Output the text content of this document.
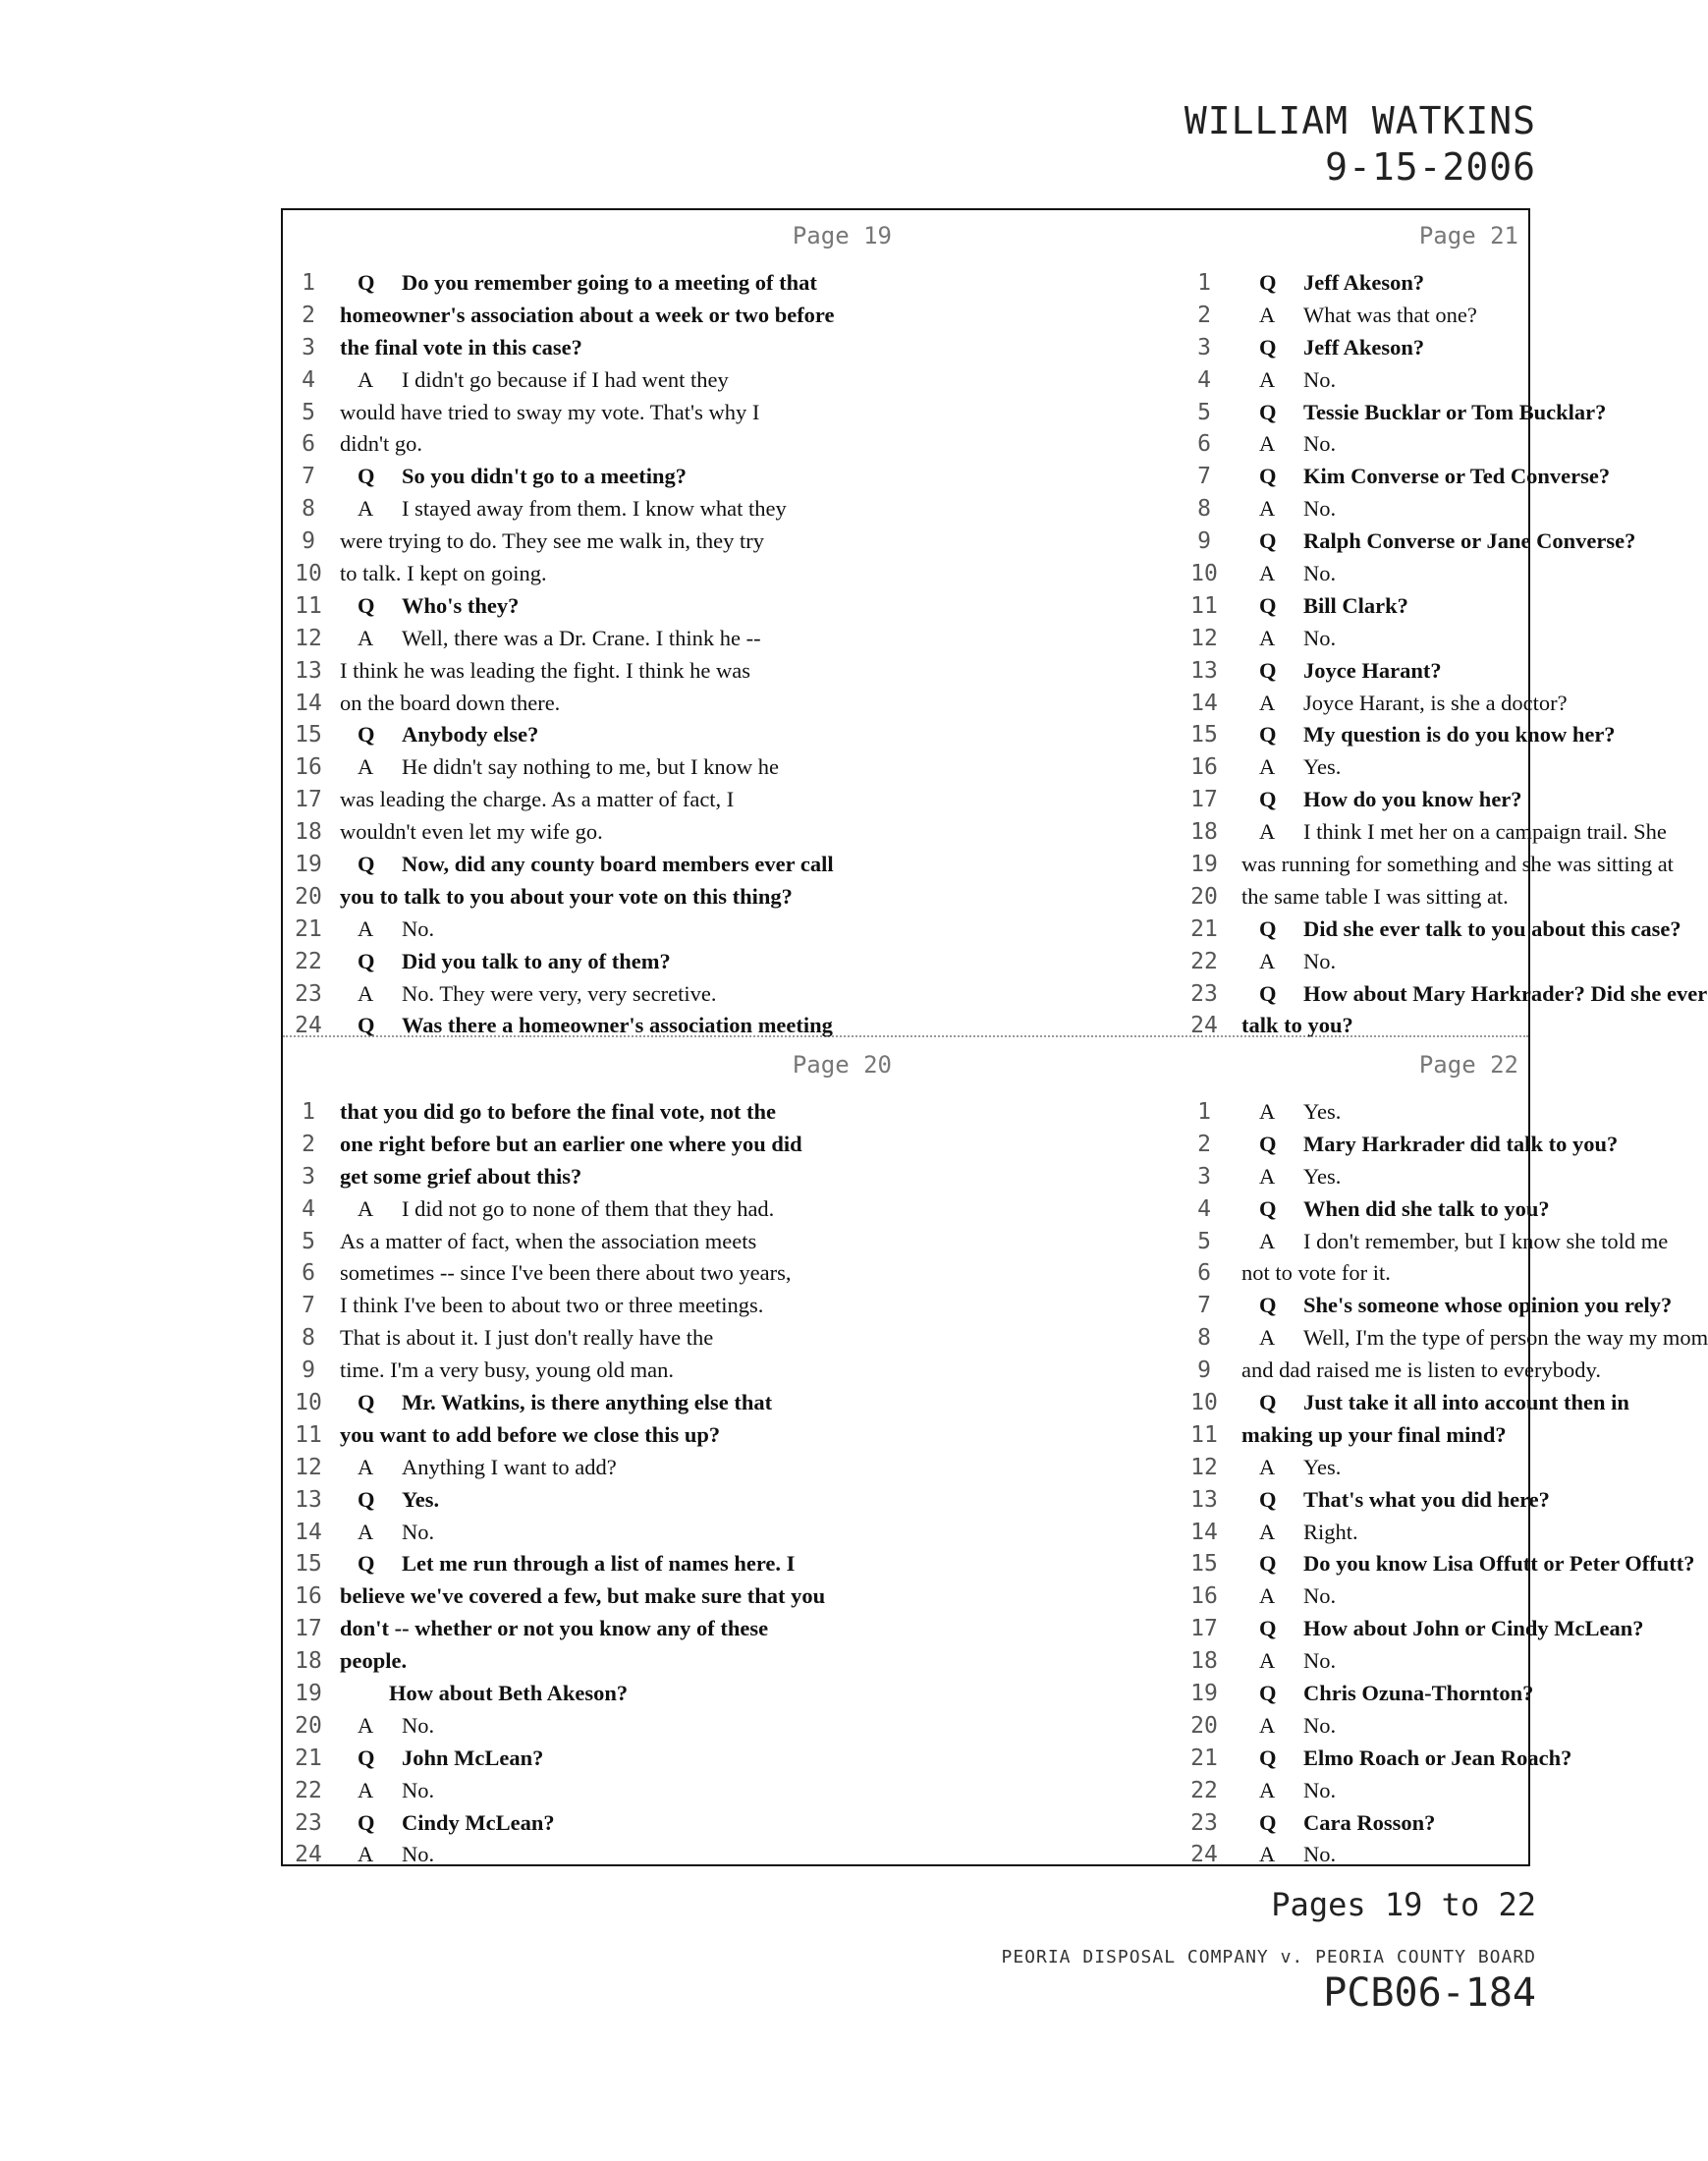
WILLIAM WATKINS
9-15-2006
Page 19
1	Q Do you remember going to a meeting of that
2	homeowner's association about a week or two before
3	the final vote in this case?
4	A I didn't go because if I had went they
5	would have tried to sway my vote. That's why I
6	didn't go.
7	Q So you didn't go to a meeting?
8	A I stayed away from them. I know what they
9	were trying to do. They see me walk in, they try
10 to talk. I kept on going.
11	Q Who's they?
12	A Well, there was a Dr. Crane. I think he --
13 I think he was leading the fight. I think he was
14 on the board down there.
15	Q Anybody else?
16	A He didn't say nothing to me, but I know he
17 was leading the charge. As a matter of fact, I
18 wouldn't even let my wife go.
19	Q Now, did any county board members ever call
20 you to talk to you about your vote on this thing?
21	A No.
22	Q Did you talk to any of them?
23	A No. They were very, very secretive.
24	Q Was there a homeowner's association meeting
Page 21
1	Q Jeff Akeson?
2	A What was that one?
3	Q Jeff Akeson?
4	A No.
5	Q Tessie Bucklar or Tom Bucklar?
6	A No.
7	Q Kim Converse or Ted Converse?
8	A No.
9	Q Ralph Converse or Jane Converse?
10	A No.
11	Q Bill Clark?
12	A No.
13	Q Joyce Harant?
14	A Joyce Harant, is she a doctor?
15	Q My question is do you know her?
16	A Yes.
17	Q How do you know her?
18	A I think I met her on a campaign trail. She
19 was running for something and she was sitting at
20 the same table I was sitting at.
21	Q Did she ever talk to you about this case?
22	A No.
23	Q How about Mary Harkrader? Did she ever
24 talk to you?
Page 20
1	that you did go to before the final vote, not the
2	one right before but an earlier one where you did
3	get some grief about this?
4	A I did not go to none of them that they had.
5	As a matter of fact, when the association meets
6	sometimes -- since I've been there about two years,
7	I think I've been to about two or three meetings.
8	That is about it. I just don't really have the
9	time. I'm a very busy, young old man.
10	Q Mr. Watkins, is there anything else that
11 you want to add before we close this up?
12	A Anything I want to add?
13	Q Yes.
14	A No.
15	Q Let me run through a list of names here. I
16 believe we've covered a few, but make sure that you
17 don't -- whether or not you know any of these
18 people.
19	How about Beth Akeson?
20	A No.
21	Q John McLean?
22	A No.
23	Q Cindy McLean?
24	A No.
Page 22
1	A Yes.
2	Q Mary Harkrader did talk to you?
3	A Yes.
4	Q When did she talk to you?
5	A I don't remember, but I know she told me
6	not to vote for it.
7	Q She's someone whose opinion you rely?
8	A Well, I'm the type of person the way my mom
9	and dad raised me is listen to everybody.
10	Q Just take it all into account then in
11 making up your final mind?
12	A Yes.
13	Q That's what you did here?
14	A Right.
15	Q Do you know Lisa Offutt or Peter Offutt?
16	A No.
17	Q How about John or Cindy McLean?
18	A No.
19	Q Chris Ozuna-Thornton?
20	A No.
21	Q Elmo Roach or Jean Roach?
22	A No.
23	Q Cara Rosson?
24	A No.
Pages 19 to 22
PEORIA DISPOSAL COMPANY v. PEORIA COUNTY BOARD
PCB06-184
